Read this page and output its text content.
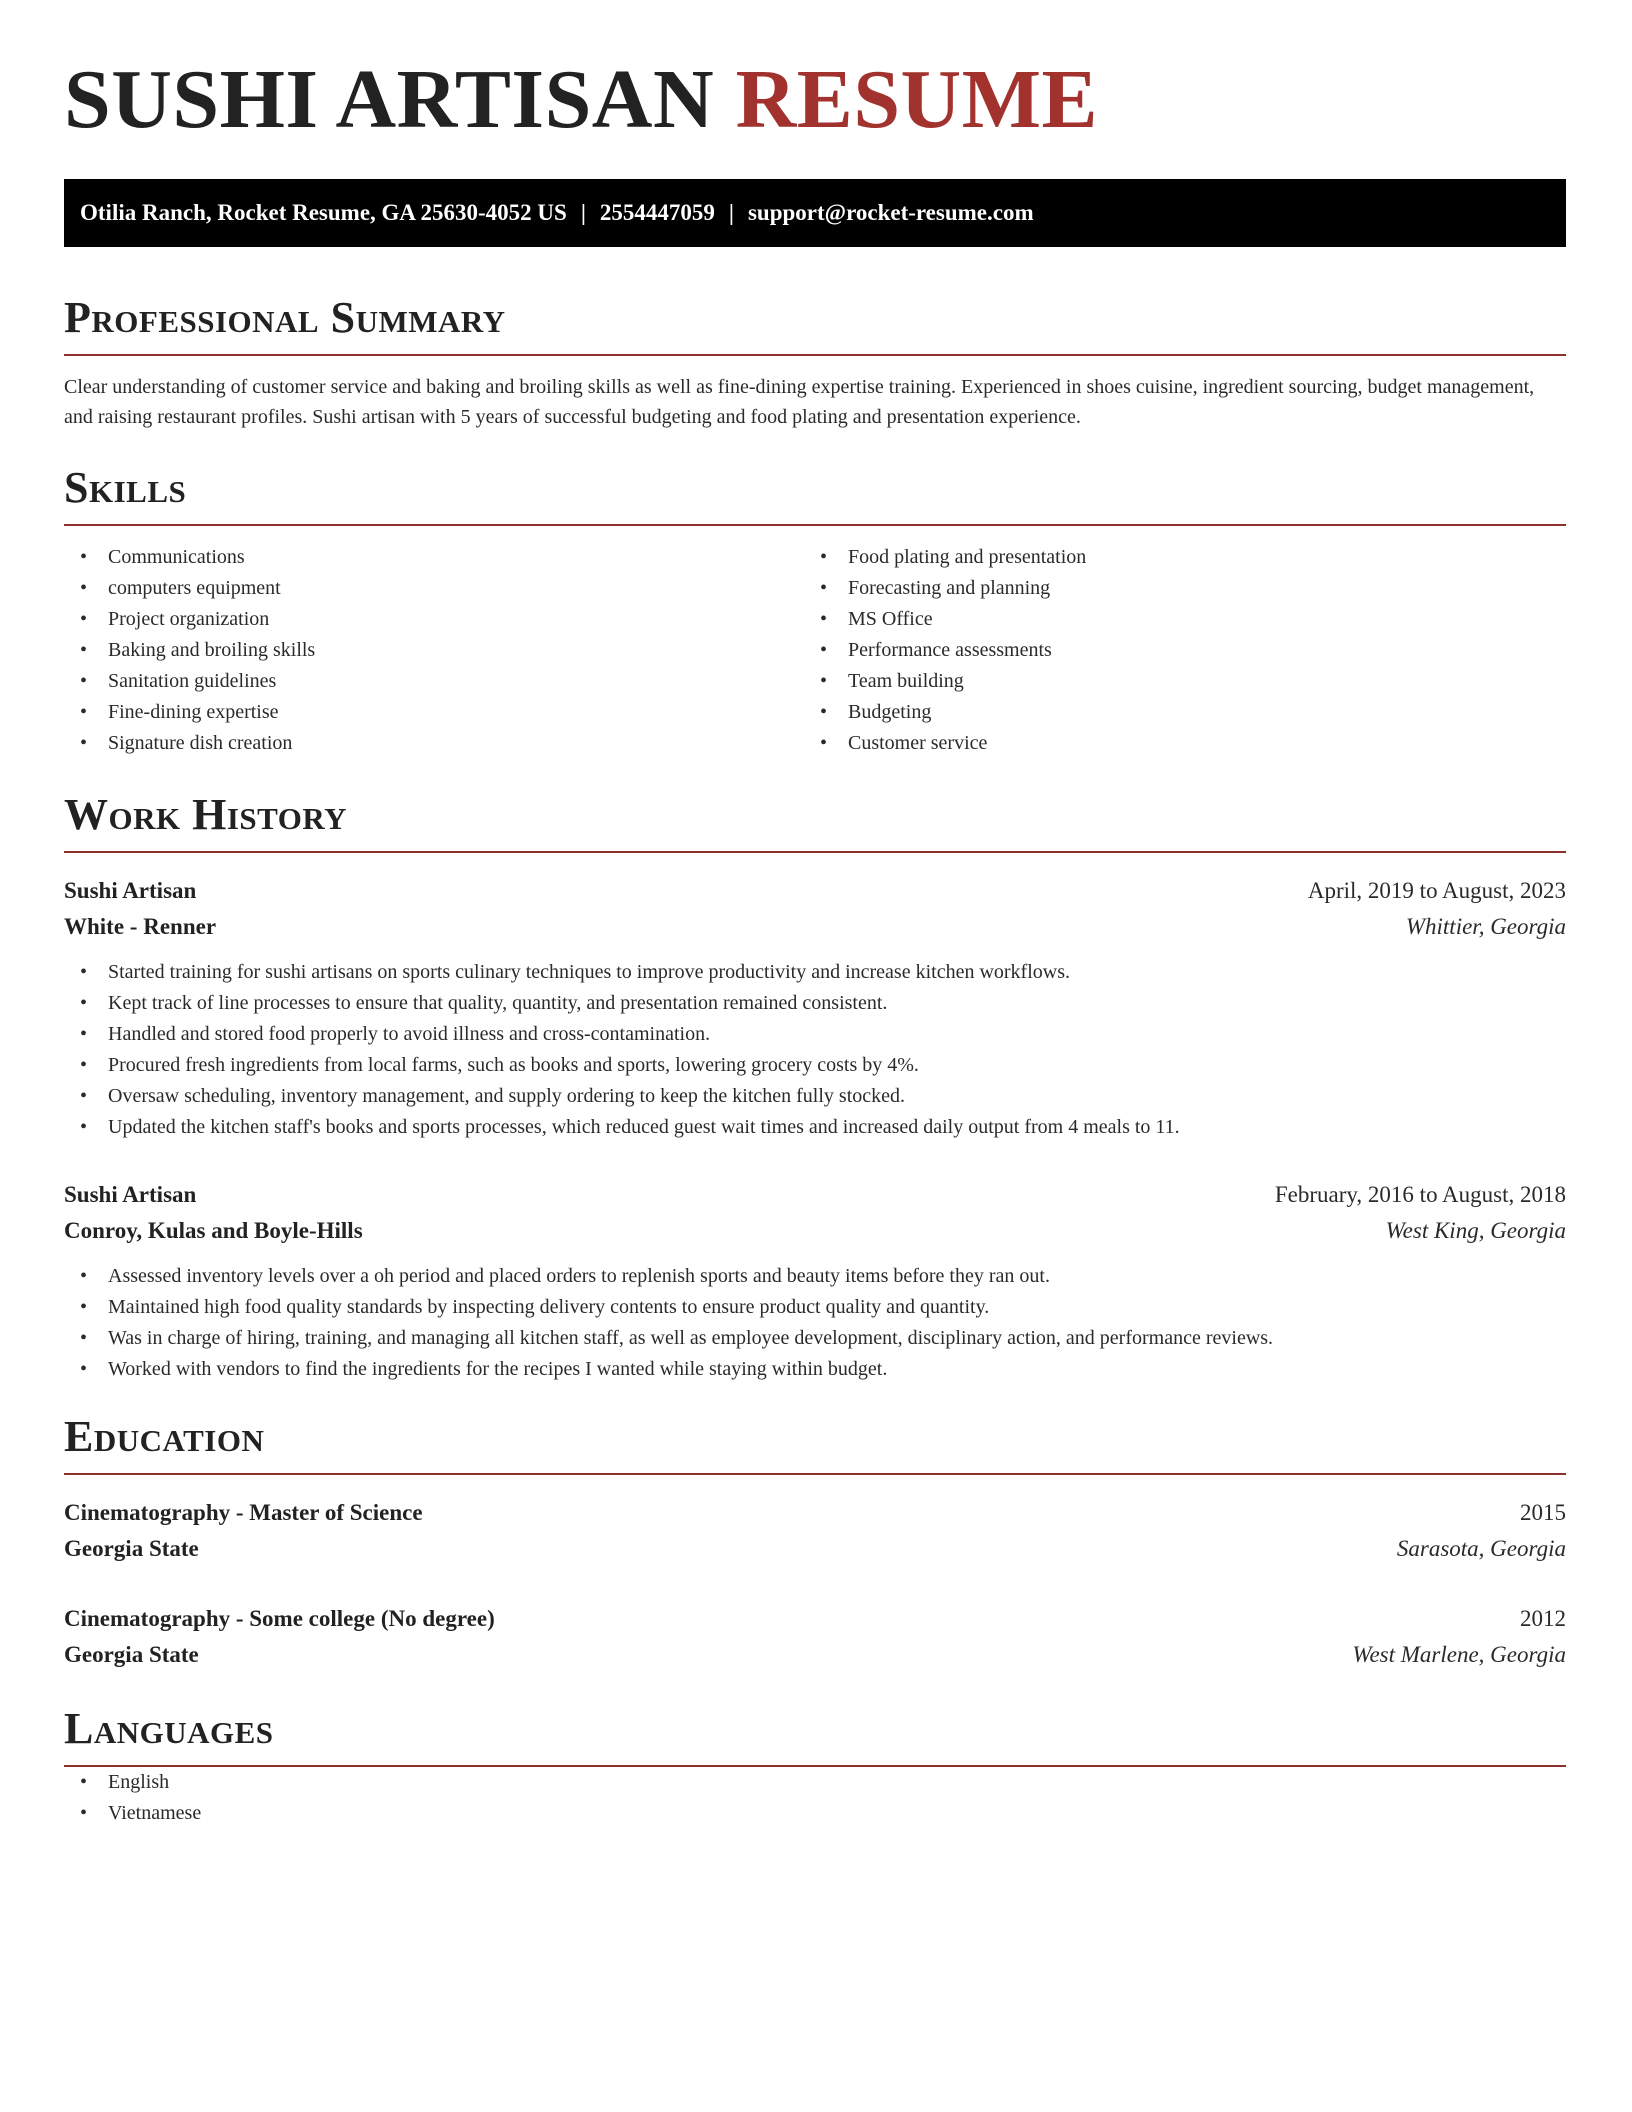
SUSHI ARTISAN RESUME
Otilia Ranch, Rocket Resume, GA 25630-4052 US | 2554447059 | support@rocket-resume.com
Professional Summary

Clear understanding of customer service and baking and broiling skills as well as fine-dining expertise training. Experienced in shoes cuisine, ingredient sourcing, budget management, and raising restaurant profiles. Sushi artisan with 5 years of successful budgeting and food plating and presentation experience.

Skills
• Communications
• computers equipment
• Project organization
• Baking and broiling skills
• Sanitation guidelines
• Fine-dining expertise
• Signature dish creation
• Food plating and presentation
• Forecasting and planning
• MS Office
• Performance assessments
• Team building
• Budgeting
• Customer service
Work History
Sushi Artisan	April, 2019 to August, 2023
White - Renner	Whittier, Georgia
• Started training for sushi artisans on sports culinary techniques to improve productivity and increase kitchen workflows.
• Kept track of line processes to ensure that quality, quantity, and presentation remained consistent.
• Handled and stored food properly to avoid illness and cross-contamination.
• Procured fresh ingredients from local farms, such as books and sports, lowering grocery costs by 4%.
• Oversaw scheduling, inventory management, and supply ordering to keep the kitchen fully stocked.
• Updated the kitchen staff's books and sports processes, which reduced guest wait times and increased daily output from 4 meals to 11.
Sushi Artisan	February, 2016 to August, 2018
Conroy, Kulas and Boyle-Hills	West King, Georgia
• Assessed inventory levels over a oh period and placed orders to replenish sports and beauty items before they ran out.
• Maintained high food quality standards by inspecting delivery contents to ensure product quality and quantity.
• Was in charge of hiring, training, and managing all kitchen staff, as well as employee development, disciplinary action, and performance reviews.
• Worked with vendors to find the ingredients for the recipes I wanted while staying within budget.
Education
Cinematography - Master of Science	2015
Georgia State	Sarasota, Georgia
Cinematography - Some college (No degree)	2012
Georgia State	West Marlene, Georgia
Languages
• English
• Vietnamese
